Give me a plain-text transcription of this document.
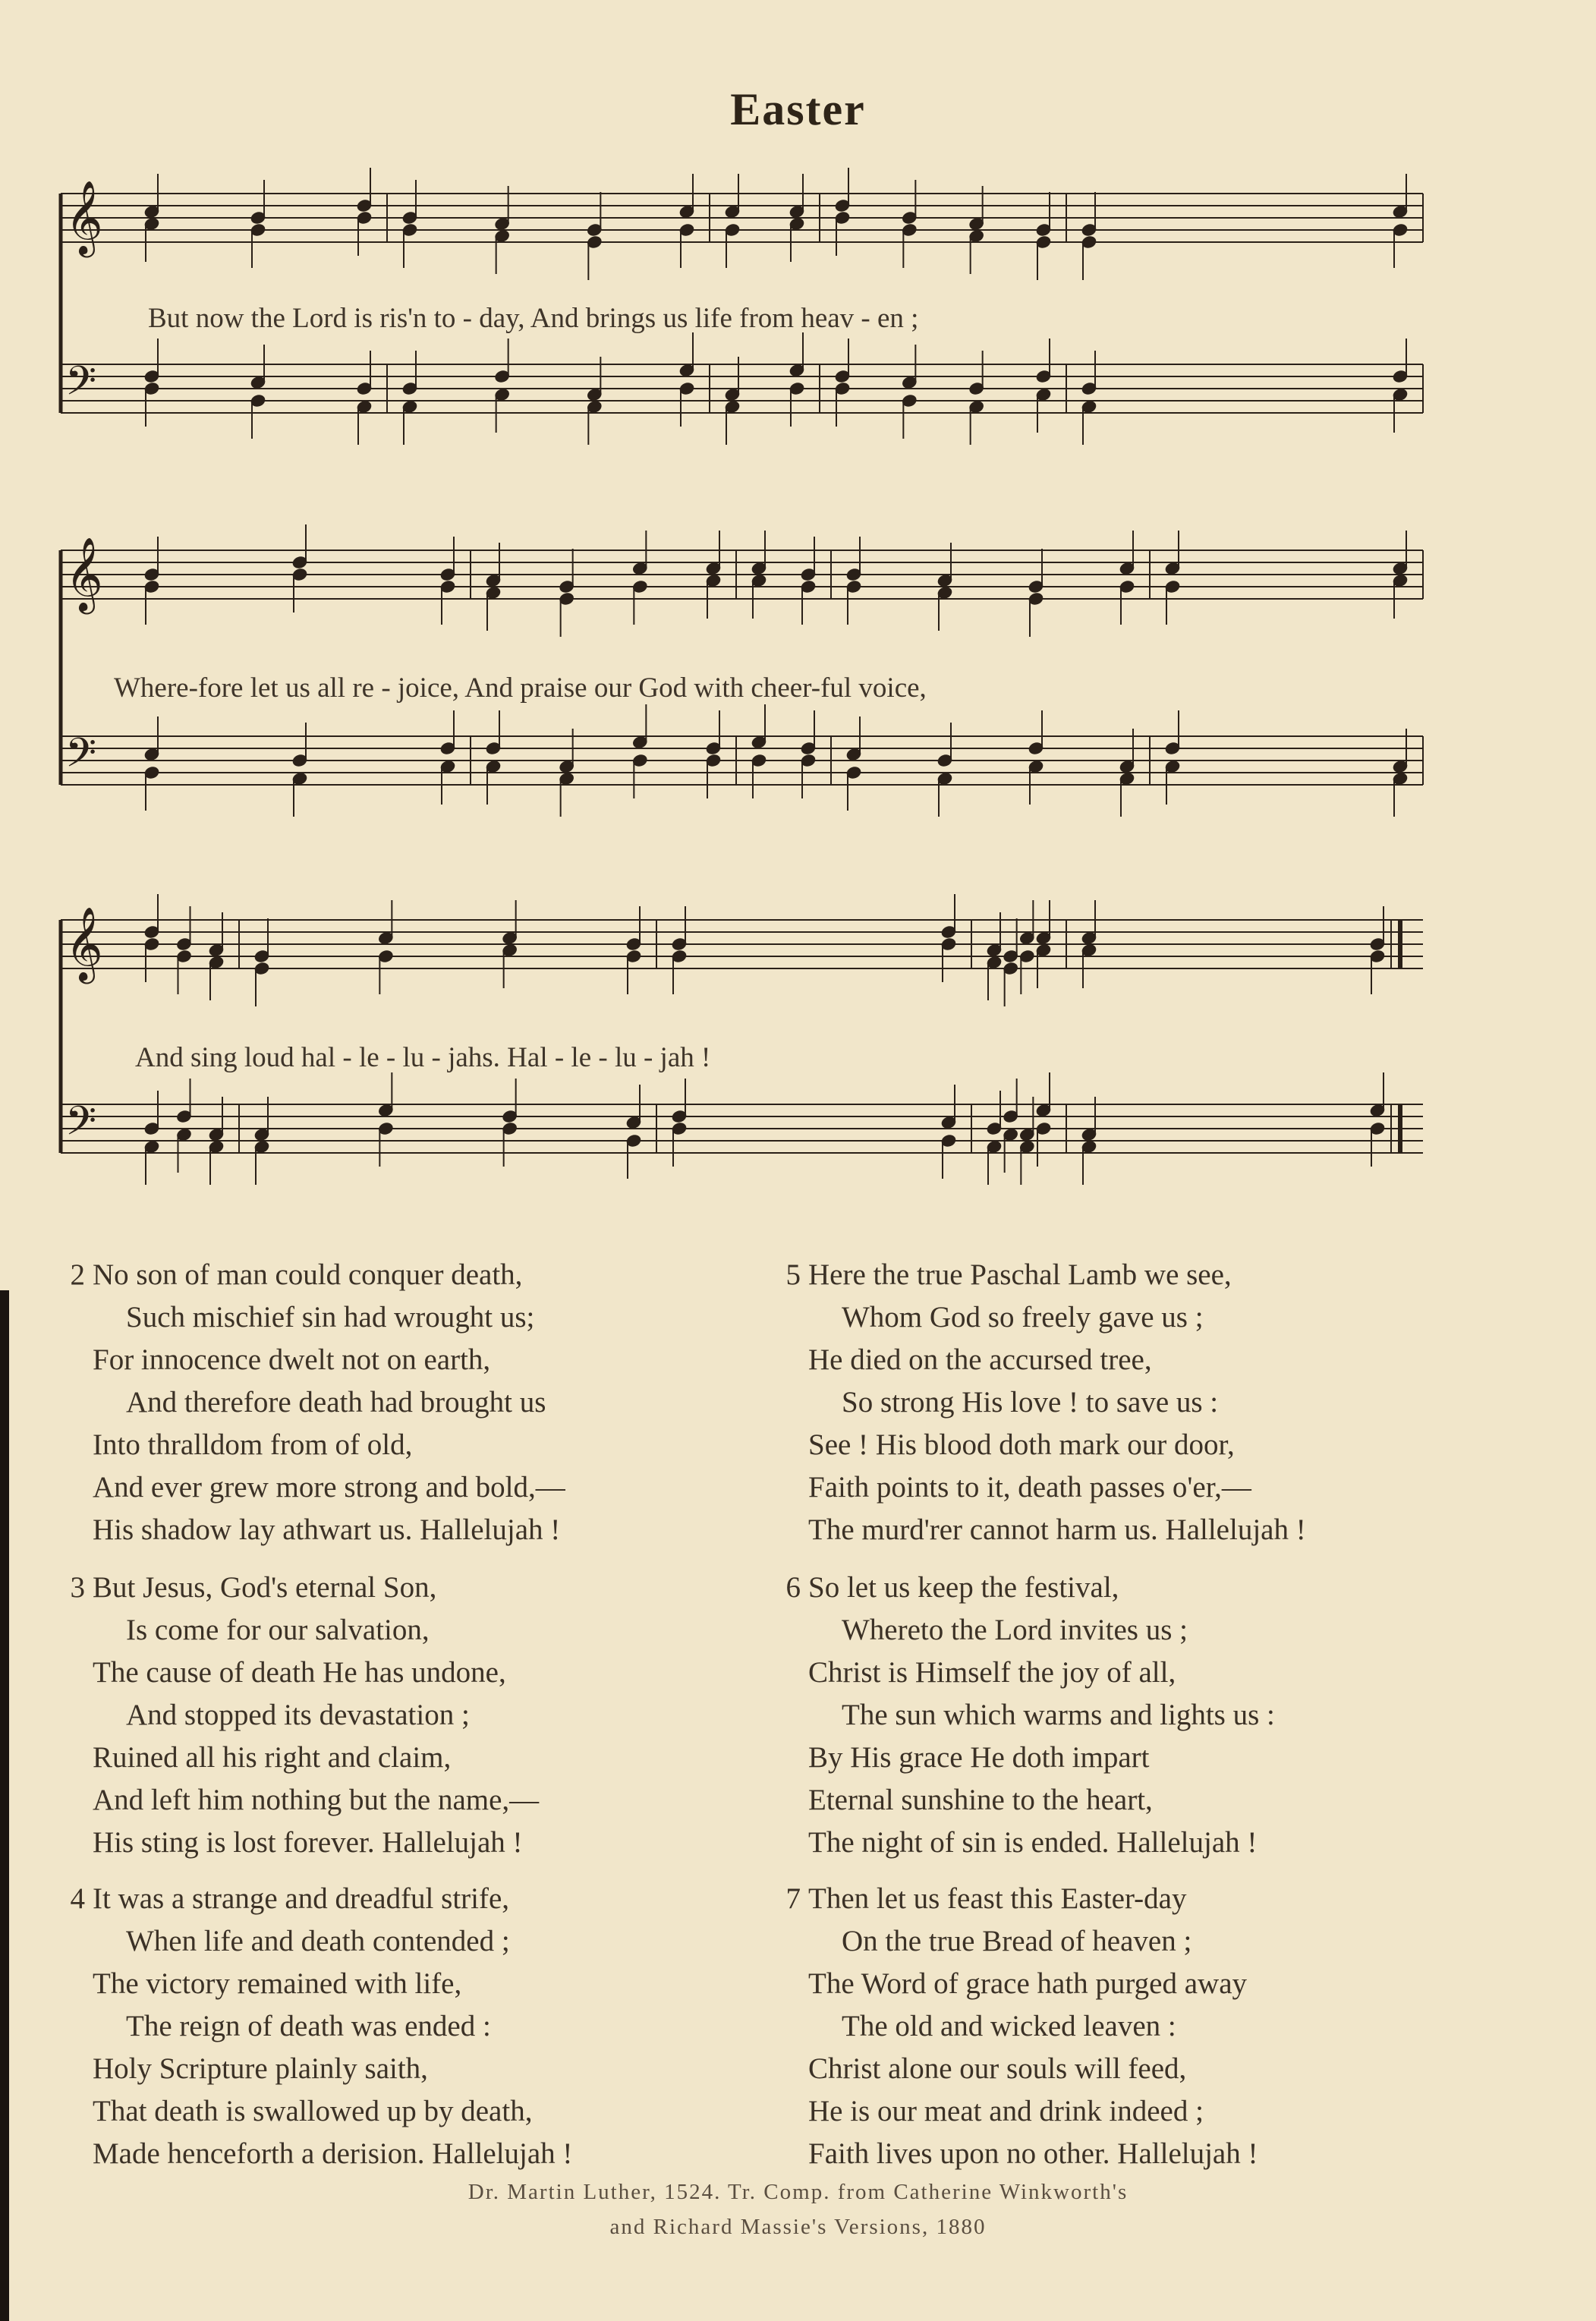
Easter
𝄞
𝄢
𝄞
𝄢
𝄞
𝄢
But now the Lord is ris'n to - day, And brings us life from heav - en ;
Where-fore let us all re - joice, And praise our God with cheer-ful voice,
And sing loud hal - le - lu - jahs. Hal - le - lu - jah !
2 No son of man could conquer death,
Such mischief sin had wrought us;
For innocence dwelt not on earth,
And therefore death had brought us
Into thralldom from of old,
And ever grew more strong and bold,—
His shadow lay athwart us. Hallelujah !
3 But Jesus, God's eternal Son,
Is come for our salvation,
The cause of death He has undone,
And stopped its devastation ;
Ruined all his right and claim,
And left him nothing but the name,—
His sting is lost forever. Hallelujah !
4 It was a strange and dreadful strife,
When life and death contended ;
The victory remained with life,
The reign of death was ended :
Holy Scripture plainly saith,
That death is swallowed up by death,
Made henceforth a derision. Hallelujah !
5 Here the true Paschal Lamb we see,
Whom God so freely gave us ;
He died on the accursed tree,
So strong His love ! to save us :
See ! His blood doth mark our door,
Faith points to it, death passes o'er,—
The murd'rer cannot harm us. Hallelujah !
6 So let us keep the festival,
Whereto the Lord invites us ;
Christ is Himself the joy of all,
The sun which warms and lights us :
By His grace He doth impart
Eternal sunshine to the heart,
The night of sin is ended. Hallelujah !
7 Then let us feast this Easter-day
On the true Bread of heaven ;
The Word of grace hath purged away
The old and wicked leaven :
Christ alone our souls will feed,
He is our meat and drink indeed ;
Faith lives upon no other. Hallelujah !
Dr. Martin Luther, 1524. Tr. Comp. from Catherine Winkworth's
and Richard Massie's Versions, 1880
